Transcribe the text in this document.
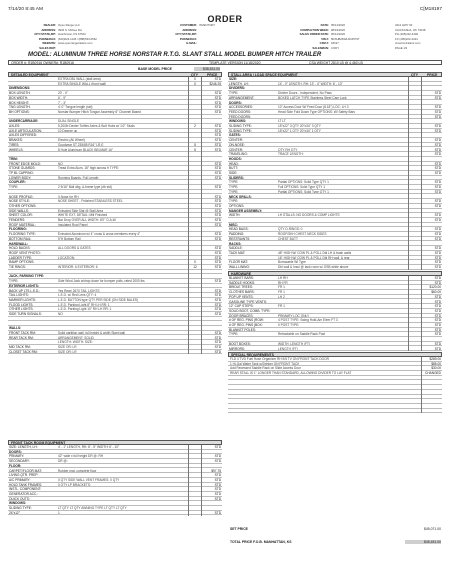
7/14/20 8:45 AM	C[M18197
ORDER
DEALER: Open Range LLC
ADDRESS: 3904 S. McKee Rd.
CITY,STATE,ZIP: Hutchinson, KS 67501
PHONE/FAX: (620)623-1145 / (888)533-0562
WEBSITE: www.openrangetrailers.com
SALES REP:
CUSTOMER: INVENTORY
ADDRESS:
CITY,STATE,ZIP:
PHONE/FAX:
E-MAIL:
DATE: 05/14/2020
COMPLETION WEEK: 08/19/2020
SALES ORDER DATE: 05/12/2020
VIN #: 5RXHB2632LD165797
CFM #: 18197
SALESMAN: CODY
3412 HWY 62
CHICKASHA, OK 73018
PH (405)222-4400
FX (405)222-4444
cimarrontrailers.com
PAGE 1/3
MODEL: ALUMINUM THREE HORSE NORSTAR R.T.G. SLANT STALL MODEL BUMPER HITCH TRAILER
ORDER #: R1B0916 OWNER#: R1B0916	TEMPLATE VERSION 11/18/2020	CSA WEIGHT 2810 LB @ 4,460 LB
BASE MODEL PRICE	$38,531.00
DETAILED EQUIPMENT	QTY	PRICE
EXTRA DBL WALL (stall area)	0	STD
EXTRA SINGLE WALL (front wall)	0	$246.25
DIMENSIONS:
BOX LENGTH:	20' - 0"	STD
BOX WIDTH:	6' - 9"	STD
BOX HEIGHT:	7' - 3"	STD
TNG LENGTH:	4'-0" Tongue length (std)	STD
BH OPTIONS:	Norstar Bumper Hitch Tongue Assembly 6" Channel Based	STD
UNDERCARRIAGE:	DUAL SINGLE
AXLES:	5,200lb Dexter Torflex Axles & Bolt Hubs w/ 1/2" Studs	2	STD
AXLE ARTICULATION:	10 Degree up	STD
AXLES DIFFERED:	STD
BRAKES:	Electric (All Wheel)	STD
TIRES:	Goodyear ST 235/85 R16" LR-E	5	STD
WHEELS:	8 Hole Aluminum BLACK BELMAR 16"	5	STD
TRIM:
FRONT EDGE MOLD:	NO	STD
STONE GUARDS:	Tread Extra Alum, 18" high across fr TYPE:	STD
TP BL CAPPING:	STD
LOWER BODY:	Running Boards, Full Length	STD
COUPLER:
TYPE:	2 5/16" Ball dbg. A-frame type (db std)	STD
NOSE PROFILE:	V-Nose for RH	STD
NOSE STYLE:	NOSE SHEET - Polished STAINLESS STEEL	STD
OTHER OPTIONS:	STD
SIDE WALLS:	Extruded Side Slat @ Stall Area	STD
SHEET COLOR:	WHITE EXT. DETAIL: Mill Finished	STD
FENDERS:	Bar Drop OVER ALL WIDTH: 8'0" O.A.W.	STD
ROOF MATERIAL:	Insulated Roof Panel	STD
FLOORING:
FLOORING TYPE:	Extruded Aluminum w/ 4" cross & cross members every 4"	STD
BOTTOM RAIL:	5"H Bottom Rail	STD
HARDWALL:
HOLD BACKS:	ALL DOORS & GATES	STD
ROOF VENT PHOTO:	STD
LADDER TYPE:	LOCATION:	STD
RAMP OPTIONS:	0	STD
TIE RINGS:	INTERIOR: 6 EXTERIOR: 6	12	STD
JACK, PARKING TYPE:
TYPE:	Side Wind Jack w/drop down for bumper pulls, rated 2000 lbs	STD
EXTERIOR LIGHTS:
BACK UP LTS L.E.D.:	Yes Rear/ 2670 TAIL LIGHTS	STD
TAIL LIGHTS:	L.E.D. w/ Red Lens QTY: 4	STD
MARKER LIGHTS:	L.E.D. BUTTON type QTY PER SIDE (ON SIDE BALES)	STD
FLOOD LIGHTS:	L.E.D. Parking Light 8" RH LH RR: 1	STD
OTHER LIGHTS:	L.E.D. Parking Light 10" RH LH RR: 1	STD
SIDE TURN SIGNALS:	NO	STD
WALLS:
FRONT TACK RM:	Solid partition wall, full height & width Slant wall	STD
REAR TACK RM:	ARRANGEMENT: SOLID	STD
LENGTH: WIDTH: SIZE:	STD
MID TACK RM:	SIZE OR: LR	STD
CLOSET TACK RM:	SIZE OR: LR	STD
FRONT TACK ROOM EQUIPMENT
SIZE: LENGTH, LH:	4' - 1" LENGTH, RH: 8' - 5" WIDTH: 6' - 10"	STD
DOORS:
PRIMARY:	42" wide x full height DR @: RH	STD
SECONDARY:	DR @:	STD
FLOOR:
CARPET/FLOOR MAT:	Rubber mat, complete floor	$97.75
LIVING QTR. PREP:	STD
A/C PRIMARY:	0 QTY SIDE WALL VENT FRAMES: 0 QTY	STD
HOLD TANK FRAMES:	0 QTY LP BRACKETS:	STD
INSTL. COMPONENT:	STD
GENERATOR ACC.:	STD
QUICK OUTS:	STD
WINDOWS:
SLIDING TYPE:	LT QTY LT QTY AWNING TYPE LT QTY LT QTY
24"x12"	1	STD
STALL AREA / LOAD SPACE EQUIPMENT	QTY	PRICE
SIZE:
LENGTH, LH:	14' - 0" LENGTH, RH: 13' - 4" WIDTH: 6' - 10"
DIVIDERS:
TYPE:	Divider Doors - Independent, No Pass	STD
ARRANGEMENT:	BOXED LATCH TYPE Stainless Steel Cam Lock	STD
DOORS:
ACCESSORIES:	10" Access Door W/ Feed Door (8.18") LOC: LH 3	STD
FEED DOORS:	Head Side Fold Down Type OPTIONS: W/ Safety Bars	STD
FEED DOORS:	STD
WINDOWS:	LT LT
SLIDING TYPE:	15"x22" 3 QTY 20"x34" 3 QTY	STD
SLIDING TYPE:	15"x22" 1 QTY 20"x34" 1 QTY	STD
GATES:
CENTER:	STD
ON-NOSE:	STD
CENTER:	QTY RH QTY	STD
TRAVELING:	TRACE LENGTH:	STD
HOODS:
HEAD:	STD
BUTT:	STD
SIDE:	STD
SLIDERS:
TYPE:	Partial OPTIONS: Solid Type QTY 1	STD
TYPE:	Full OPTIONS: Solid Type QTY 1	STD
TYPE:	Partial OPTIONS: Solid Type QTY 1	STD
NECK GRILLS:
TYPE:	STD
OPTIONS:	STD
MANGER ASSEMBLY:
WIDTH:	LH STALLS: NO DOORS & COMP LIGHTS	STD
STD
MISC:
HEAD BAGS:	QTY D-RINGS: 0	STD
PADDING:	ROOF/SKH CHEST NECK SIDES	STD
RESTRAINTS:	CHEST BUTT	STD
RACKS:
SADDLE:	STD
TACK MAT:	48" HIGH W/ COW PL & POLL Dbl LH & trash walls	STD
16" HIGH W/ COW PL & POLL Dbl RH wall, & rear	STD
FLOOR MAT:	Borracable WI Type	STD
WALL LINING:	Dbl wall & Insul @ tack room w/ OSB white above	STD
HARDWARE
BLANKET BARS:	LH RH	STD
SADDLE HOOKS:	RH FR	STD
BRIDLE TREES:	FR 1	$120.00
CLOTHES BARS:	FR 1	$60.00
POP UP VENTS:	LH 2	STD
GASOLINE TYPE VENTS:	STD
12" CUP STEPS:	FR 1	STD
SOLID BOOT, COMB. TYPE:	STD
DOOR BRACES:	PRIMARY LOC ONLY	STD
# OF REG. PINS (ROW:	4 POST TYPE: Swing Hold-Am Elem FT 3	STD
# OF REG. PINS (BOX:	0 POST TYPE:	STD
BLANKET POLES:	STD
TYPE:	Retractable on Saddle Rack Post	STD
BOOT BOXES:	WIDTH: LENGTH (FT)	STD
MIRRORS:	LENGTH (FT)	STD
SPECIAL REQUIREMENTS
FLD 4 TVD Fuel Hose Organizer RH 5/5 TV ON FRONT TACK DOOR	$289.00
1 Hi-Gal Water Tank w/Drinker ON FRONT TACK	$85.00
Add Recessed Saddle Rack on Slide Access Door	$30.00
REAR STALL IS 1" LONGER THAN STANDARD, ALLOWING DIVIDER TO LAY FLAT	CHANGED
SET PRICE	$45,071.00
TOTAL PRICE F.O.B. MANHATTAN, KS	$45,451.00
